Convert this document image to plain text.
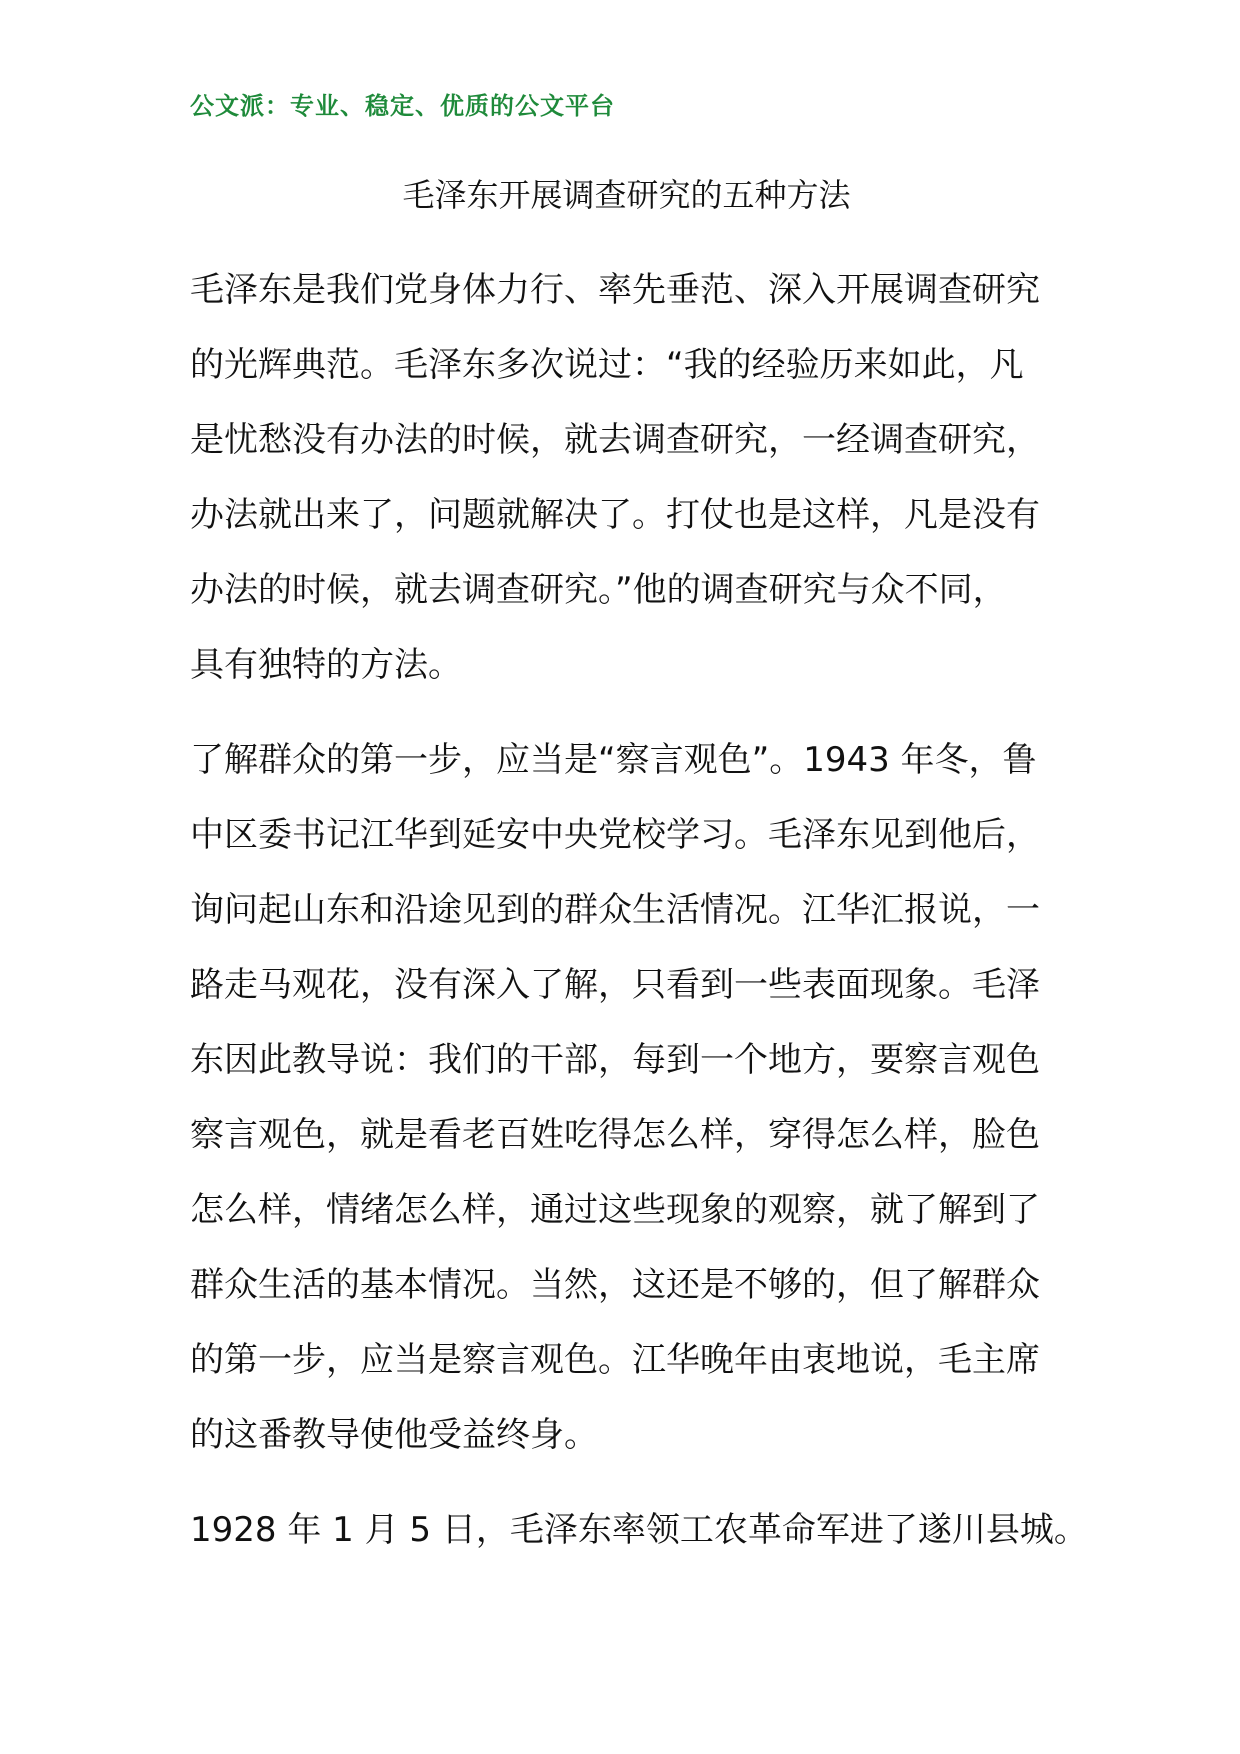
公文派：专业、稳定、优质的公文平台
毛泽东开展调查研究的五种方法
毛泽东是我们党身体力行、率先垂范、深入开展调查研究
的光辉典范。毛泽东多次说过：“我的经验历来如此，凡
是忧愁没有办法的时候，就去调查研究，一经调查研究，
办法就出来了，问题就解决了。打仗也是这样，凡是没有
办法的时候，就去调查研究。”他的调查研究与众不同，
具有独特的方法。
了解群众的第一步，应当是“察言观色”。1943 年冬，鲁
中区委书记江华到延安中央党校学习。毛泽东见到他后，
询问起山东和沿途见到的群众生活情况。江华汇报说，一
路走马观花，没有深入了解，只看到一些表面现象。毛泽
东因此教导说：我们的干部，每到一个地方，要察言观色
察言观色，就是看老百姓吃得怎么样，穿得怎么样，脸色
怎么样，情绪怎么样，通过这些现象的观察，就了解到了
群众生活的基本情况。当然，这还是不够的，但了解群众
的第一步，应当是察言观色。江华晚年由衷地说，毛主席
的这番教导使他受益终身。
1928 年 1 月 5 日，毛泽东率领工农革命军进了遂川县城。
